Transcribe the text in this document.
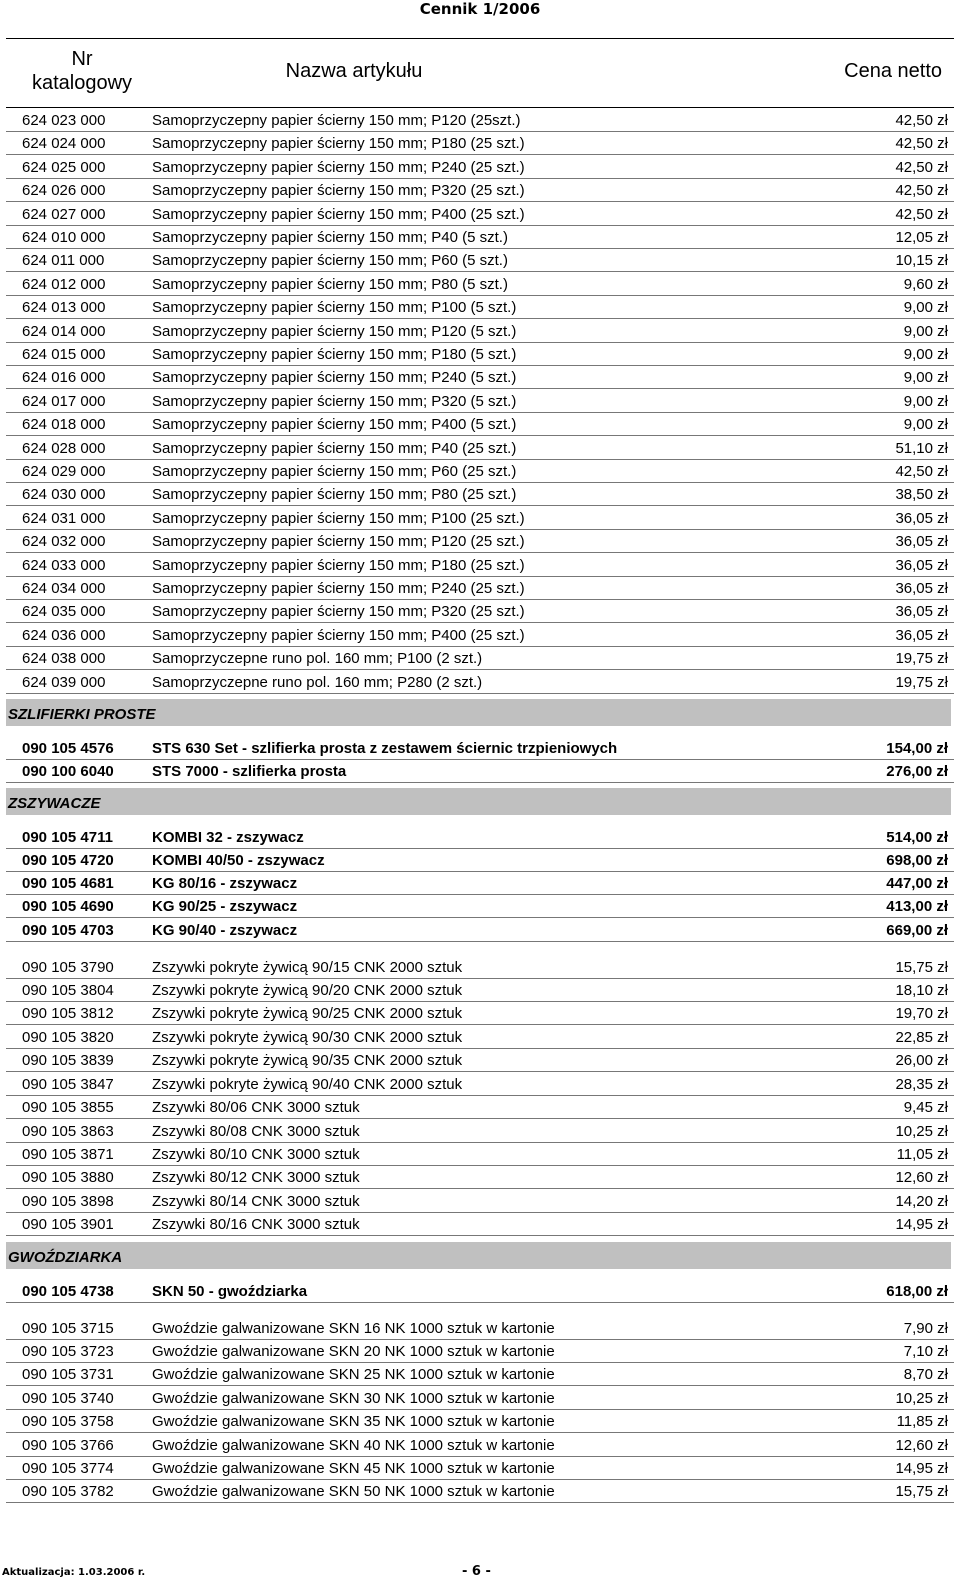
Cennik 1/2006
Nr
katalogowy
Nazwa artykułu	Cena netto
624 023 000	Samoprzyczepny papier ścierny 150 mm; P120 (25szt.)	42,50 zł
624 024 000	Samoprzyczepny papier ścierny 150 mm; P180 (25 szt.)	42,50 zł
624 025 000	Samoprzyczepny papier ścierny 150 mm; P240 (25 szt.)	42,50 zł
624 026 000	Samoprzyczepny papier ścierny 150 mm; P320 (25 szt.)	42,50 zł
624 027 000	Samoprzyczepny papier ścierny 150 mm; P400 (25 szt.)	42,50 zł
624 010 000	Samoprzyczepny papier ścierny 150 mm; P40 (5 szt.)	12,05 zł
624 011 000	Samoprzyczepny papier ścierny 150 mm; P60 (5 szt.)	10,15 zł
624 012 000	Samoprzyczepny papier ścierny 150 mm; P80 (5 szt.)	9,60 zł
624 013 000	Samoprzyczepny papier ścierny 150 mm; P100 (5 szt.)	9,00 zł
624 014 000	Samoprzyczepny papier ścierny 150 mm; P120 (5 szt.)	9,00 zł
624 015 000	Samoprzyczepny papier ścierny 150 mm; P180 (5 szt.)	9,00 zł
624 016 000	Samoprzyczepny papier ścierny 150 mm; P240 (5 szt.)	9,00 zł
624 017 000	Samoprzyczepny papier ścierny 150 mm; P320 (5 szt.)	9,00 zł
624 018 000	Samoprzyczepny papier ścierny 150 mm; P400 (5 szt.)	9,00 zł
624 028 000	Samoprzyczepny papier ścierny 150 mm; P40 (25 szt.)	51,10 zł
624 029 000	Samoprzyczepny papier ścierny 150 mm; P60 (25 szt.)	42,50 zł
624 030 000	Samoprzyczepny papier ścierny 150 mm; P80 (25 szt.)	38,50 zł
624 031 000	Samoprzyczepny papier ścierny 150 mm; P100 (25 szt.)	36,05 zł
624 032 000	Samoprzyczepny papier ścierny 150 mm; P120 (25 szt.)	36,05 zł
624 033 000	Samoprzyczepny papier ścierny 150 mm; P180 (25 szt.)	36,05 zł
624 034 000	Samoprzyczepny papier ścierny 150 mm; P240 (25 szt.)	36,05 zł
624 035 000	Samoprzyczepny papier ścierny 150 mm; P320 (25 szt.)	36,05 zł
624 036 000	Samoprzyczepny papier ścierny 150 mm; P400 (25 szt.)	36,05 zł
624 038 000	Samoprzyczepne runo pol. 160 mm; P100 (2 szt.)	19,75 zł
624 039 000	Samoprzyczepne runo pol. 160 mm; P280 (2 szt.)	19,75 zł
SZLIFIERKI PROSTE
090 105 4576	STS 630 Set - szlifierka prosta z zestawem ściernic trzpieniowych	154,00 zł
090 100 6040	STS 7000 - szlifierka prosta	276,00 zł
ZSZYWACZE
090 105 4711	KOMBI 32 - zszywacz	514,00 zł
090 105 4720	KOMBI 40/50 - zszywacz	698,00 zł
090 105 4681	KG 80/16 - zszywacz	447,00 zł
090 105 4690	KG 90/25 - zszywacz	413,00 zł
090 105 4703	KG 90/40 - zszywacz	669,00 zł
090 105 3790	Zszywki pokryte żywicą 90/15 CNK 2000 sztuk	15,75 zł
090 105 3804	Zszywki pokryte żywicą 90/20 CNK 2000 sztuk	18,10 zł
090 105 3812	Zszywki pokryte żywicą 90/25 CNK 2000 sztuk	19,70 zł
090 105 3820	Zszywki pokryte żywicą 90/30 CNK 2000 sztuk	22,85 zł
090 105 3839	Zszywki pokryte żywicą 90/35 CNK 2000 sztuk	26,00 zł
090 105 3847	Zszywki pokryte żywicą 90/40 CNK 2000 sztuk	28,35 zł
090 105 3855	Zszywki 80/06 CNK 3000 sztuk	9,45 zł
090 105 3863	Zszywki 80/08 CNK 3000 sztuk	10,25 zł
090 105 3871	Zszywki 80/10 CNK 3000 sztuk	11,05 zł
090 105 3880	Zszywki 80/12 CNK 3000 sztuk	12,60 zł
090 105 3898	Zszywki 80/14 CNK 3000 sztuk	14,20 zł
090 105 3901	Zszywki 80/16 CNK 3000 sztuk	14,95 zł
GWOŹDZIARKA
090 105 4738	SKN 50 - gwoździarka	618,00 zł
090 105 3715	Gwoździe galwanizowane SKN 16 NK 1000 sztuk w kartonie	7,90 zł
090 105 3723	Gwoździe galwanizowane SKN 20 NK 1000 sztuk w kartonie	7,10 zł
090 105 3731	Gwoździe galwanizowane SKN 25 NK 1000 sztuk w kartonie	8,70 zł
090 105 3740	Gwoździe galwanizowane SKN 30 NK 1000 sztuk w kartonie	10,25 zł
090 105 3758	Gwoździe galwanizowane SKN 35 NK 1000 sztuk w kartonie	11,85 zł
090 105 3766	Gwoździe galwanizowane SKN 40 NK 1000 sztuk w kartonie	12,60 zł
090 105 3774	Gwoździe galwanizowane SKN 45 NK 1000 sztuk w kartonie	14,95 zł
090 105 3782	Gwoździe galwanizowane SKN 50 NK 1000 sztuk w kartonie	15,75 zł
Aktualizacja: 1.03.2006 r.	- 6 -
